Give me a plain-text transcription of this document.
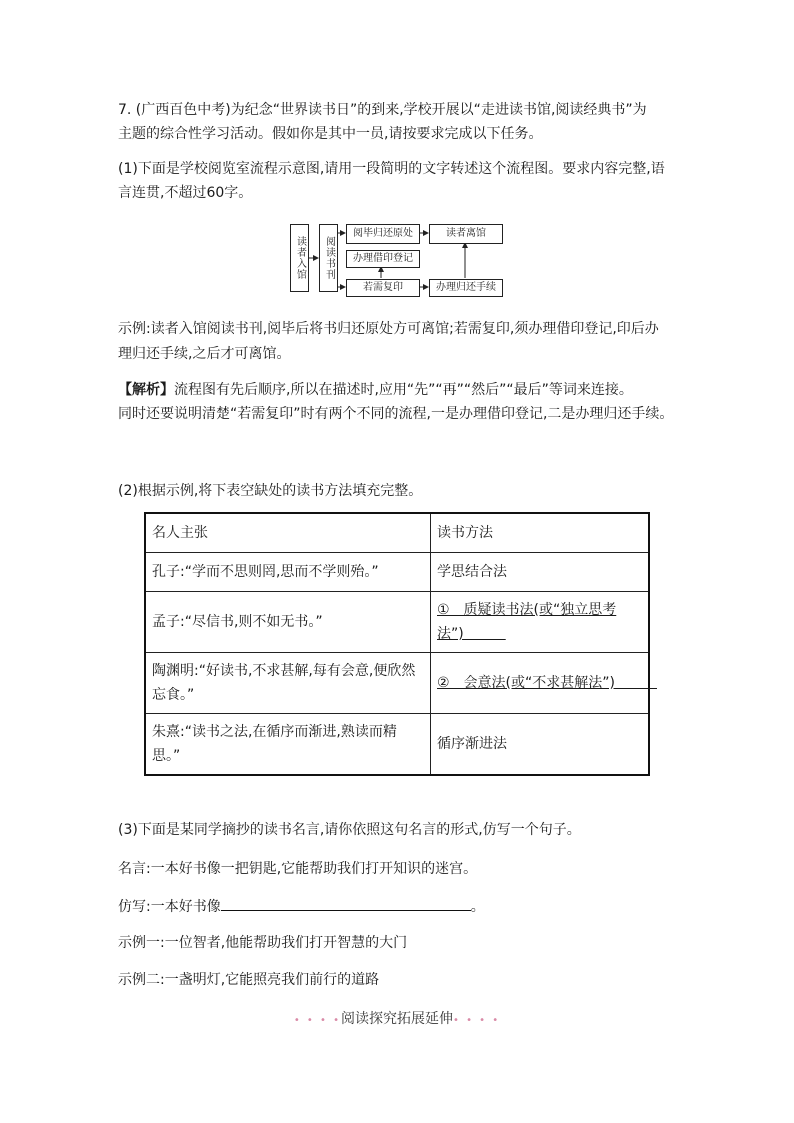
7. (广西百色中考)为纪念“世界读书日”的到来,学校开展以“走进读书馆,阅读经典书”为

主题的综合性学习活动。假如你是其中一员,请按要求完成以下任务。

(1)下面是学校阅览室流程示意图,请用一段简明的文字转述这个流程图。要求内容完整,语

言连贯,不超过60字。

读者入馆	阅读书刊
阅毕归还原处	读者离馆
办理借印登记
若需复印	办理归还手续

示例:读者入馆阅读书刊,阅毕后将书归还原处方可离馆;若需复印,须办理借印登记,印后办

理归还手续,之后才可离馆。

【解析】流程图有先后顺序,所以在描述时,应用“先”“再”“然后”“最后”等词来连接。

同时还要说明清楚“若需复印”时有两个不同的流程,一是办理借印登记,二是办理归还手续。

(2)根据示例,将下表空缺处的读书方法填充完整。

名人主张	读书方法
孔子:“学而不思则罔,思而不学则殆。”	学思结合法
孟子:“尽信书,则不如无书。”	①　质疑读书法(或“独立思考法”)　　　
陶渊明:“好读书,不求甚解,每有会意,便欣然忘食。”	②　会意法(或“不求甚解法”)　　　
朱熹:“读书之法,在循序而渐进,熟读而精思。”	循序渐进法

(3)下面是某同学摘抄的读书名言,请你依照这句名言的形式,仿写一个句子。

名言:一本好书像一把钥匙,它能帮助我们打开知识的迷宫。

仿写:一本好书像	。

示例一:一位智者,他能帮助我们打开智慧的大门

示例二:一盏明灯,它能照亮我们前行的道路

• • • •阅读探究拓展延伸• • • •
